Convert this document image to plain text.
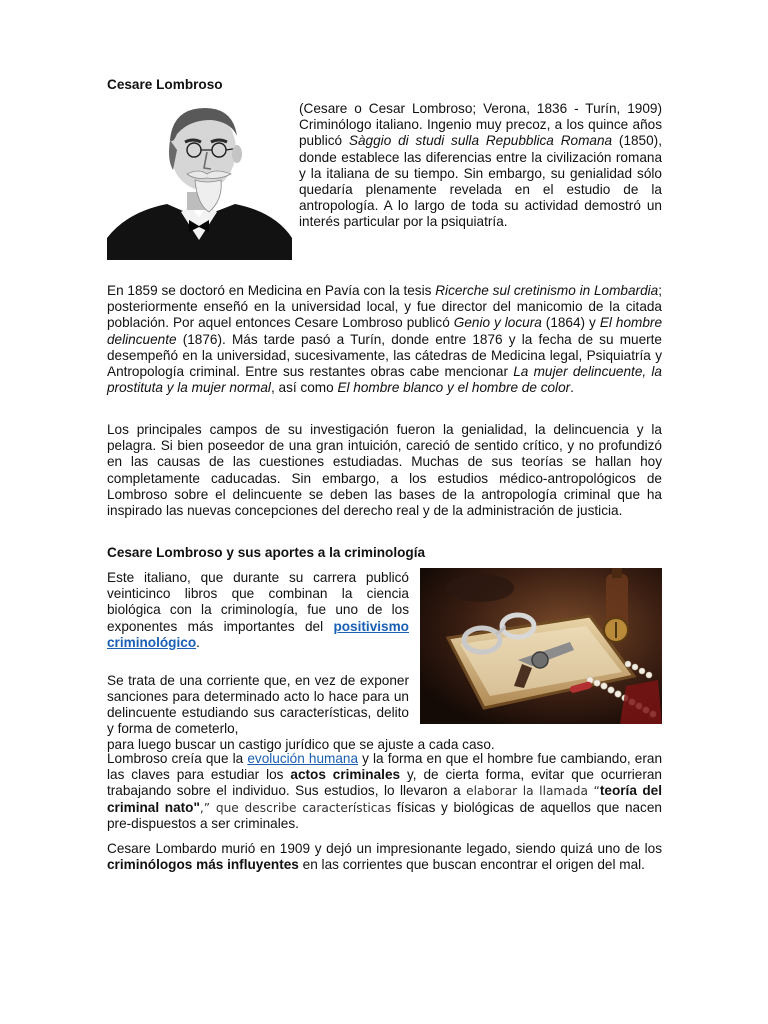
Cesare Lombroso

(Cesare o Cesar Lombroso; Verona, 1836 - Turín, 1909) Criminólogo italiano. Ingenio muy precoz, a los quince años publicó Sàggio di studi sulla Repubblica Romana (1850), donde establece las diferencias entre la civilización romana y la italiana de su tiempo. Sin embargo, su genialidad sólo quedaría plenamente revelada en el estudio de la antropología. A lo largo de toda su actividad demostró un interés particular por la psiquiatría.

En 1859 se doctoró en Medicina en Pavía con la tesis Ricerche sul cretinismo in Lombardia; posteriormente enseñó en la universidad local, y fue director del manicomio de la citada población. Por aquel entonces Cesare Lombroso publicó Genio y locura (1864) y El hombre delincuente (1876). Más tarde pasó a Turín, donde entre 1876 y la fecha de su muerte desempeñó en la universidad, sucesivamente, las cátedras de Medicina legal, Psiquiatría y Antropología criminal. Entre sus restantes obras cabe mencionar La mujer delincuente, la prostituta y la mujer normal, así como El hombre blanco y el hombre de color.

Los principales campos de su investigación fueron la genialidad, la delincuencia y la pelagra. Si bien poseedor de una gran intuición, careció de sentido crítico, y no profundizó en las causas de las cuestiones estudiadas. Muchas de sus teorías se hallan hoy completamente caducadas. Sin embargo, a los estudios médico-antropológicos de Lombroso sobre el delincuente se deben las bases de la antropología criminal que ha inspirado las nuevas concepciones del derecho real y de la administración de justicia.

Cesare Lombroso y sus aportes a la criminología

Este italiano, que durante su carrera publicó veinticinco libros que combinan la ciencia biológica con la criminología, fue uno de los exponentes más importantes del positivismo criminológico.

Se trata de una corriente que, en vez de exponer sanciones para determinado acto lo hace para un delincuente estudiando sus características, delito y forma de cometerlo,
para luego buscar un castigo jurídico que se ajuste a cada caso.

Lombroso creía que la evolución humana y la forma en que el hombre fue cambiando, eran las claves para estudiar los actos criminales y, de cierta forma, evitar que ocurrieran trabajando sobre el individuo. Sus estudios, lo llevaron a elaborar la llamada “teoría del criminal nato",” que describe características físicas y biológicas de aquellos que nacen pre-dispuestos a ser criminales.

Cesare Lombardo murió en 1909 y dejó un impresionante legado, siendo quizá uno de los criminólogos más influyentes en las corrientes que buscan encontrar el origen del mal.
